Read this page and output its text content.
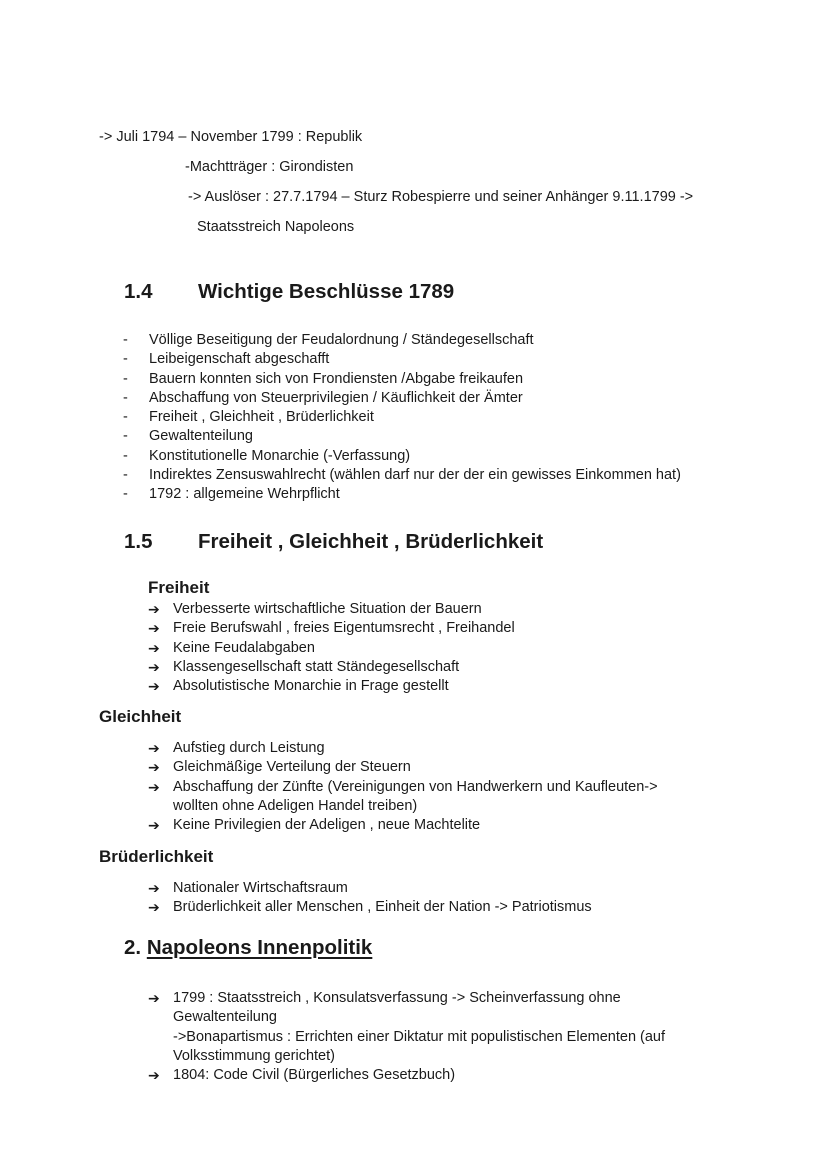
-> Juli 1794 – November 1799 : Republik
-Machtträger : Girondisten
-> Auslöser : 27.7.1794 – Sturz Robespierre und seiner Anhänger 9.11.1799 ->
Staatsstreich Napoleons
1.4 Wichtige Beschlüsse 1789
- Völlige Beseitigung der Feudalordnung / Ständegesellschaft
- Leibeigenschaft abgeschafft
- Bauern konnten sich von Frondiensten /Abgabe freikaufen
- Abschaffung von Steuerprivilegien / Käuflichkeit der Ämter
- Freiheit , Gleichheit , Brüderlichkeit
- Gewaltenteilung
- Konstitutionelle Monarchie (-Verfassung)
- Indirektes Zensuswahlrecht (wählen darf nur der der ein gewisses Einkommen hat)
- 1792 : allgemeine Wehrpflicht
1.5 Freiheit , Gleichheit , Brüderlichkeit
Freiheit
➔ Verbesserte wirtschaftliche Situation der Bauern
➔ Freie Berufswahl , freies Eigentumsrecht , Freihandel
➔ Keine Feudalabgaben
➔ Klassengesellschaft statt Ständegesellschaft
➔ Absolutistische Monarchie in Frage gestellt
Gleichheit
➔ Aufstieg durch Leistung
➔ Gleichmäßige Verteilung der Steuern
➔ Abschaffung der Zünfte (Vereinigungen von Handwerkern und Kaufleuten->
wollten ohne Adeligen Handel treiben)
➔ Keine Privilegien der Adeligen , neue Machtelite
Brüderlichkeit
➔ Nationaler Wirtschaftsraum
➔ Brüderlichkeit aller Menschen , Einheit der Nation -> Patriotismus
2. Napoleons Innenpolitik
➔ 1799 : Staatsstreich , Konsulatsverfassung -> Scheinverfassung ohne
Gewaltenteilung
->Bonapartismus : Errichten einer Diktatur mit populistischen Elementen (auf
Volksstimmung gerichtet)
➔ 1804: Code Civil (Bürgerliches Gesetzbuch)
